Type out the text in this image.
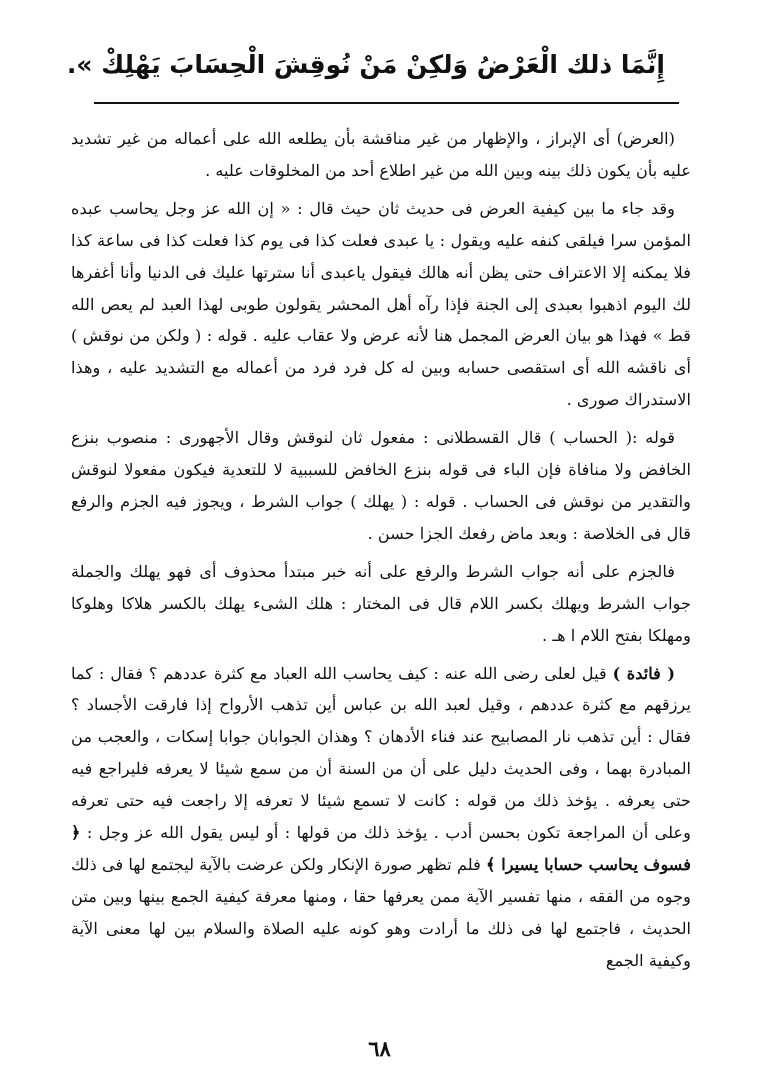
إِنَّمَا ذلك الْعَرْضُ وَلكِنْ مَنْ نُوقِشَ الْحِسَابَ يَهْلِكْ ».

(العرض) أى الإبراز ، والإظهار من غير مناقشة بأن يطلعه الله على أعماله من غير تشديد عليه بأن يكون ذلك بينه وبين الله من غير اطلاع أحد من المخلوقات عليه .

وقد جاء ما بين كيفية العرض فى حديث ثان حيث قال : « إن الله عز وجل يحاسب عبده المؤمن سرا فيلقى كنفه عليه ويقول : يا عبدى فعلت كذا فى يوم كذا فعلت كذا فى ساعة كذا فلا يمكنه إلا الاعتراف حتى يظن أنه هالك فيقول ياعبدى أنا سترتها عليك فى الدنيا وأنا أغفرها لك اليوم اذهبوا بعبدى إلى الجنة فإذا رآه أهل المحشر يقولون طوبى لهذا العبد لم يعص الله قط » فهذا هو بيان العرض المجمل هنا لأنه عرض ولا عقاب عليه . قوله : ( ولكن من نوقش ) أى ناقشه الله أى استقصى حسابه وبين له كل فرد فرد من أعماله مع التشديد عليه ، وهذا الاستدراك صورى .

قوله :( الحساب ) قال القسطلانى : مفعول ثان لنوقش وقال الأجهورى : منصوب بنزع الخافض ولا منافاة فإن الباء فى قوله بنزع الخافض للسببية لا للتعدية فيكون مفعولا لنوقش والتقدير من نوقش فى الحساب . قوله : ( يهلك ) جواب الشرط ، ويجوز فيه الجزم والرفع قال فى الخلاصة : وبعد ماض رفعك الجزا حسن .

فالجزم على أنه جواب الشرط والرفع على أنه خبر مبتدأ محذوف أى فهو يهلك والجملة جواب الشرط ويهلك بكسر اللام قال فى المختار : هلك الشىء يهلك بالكسر هلاكا وهلوكا ومهلكا بفتح اللام ا هـ .

( فائدة ) قيل لعلى رضى الله عنه : كيف يحاسب الله العباد مع كثرة عددهم ؟ فقال : كما يرزقهم مع كثرة عددهم ، وقيل لعبد الله بن عباس أين تذهب الأرواح إذا فارقت الأجساد ؟ فقال : أين تذهب نار المصابيح عند فناء الأدهان ؟ وهذان الجوابان جوابا إسكات ، والعجب من المبادرة بهما ، وفى الحديث دليل على أن من السنة أن من سمع شيئا لا يعرفه فليراجع فيه حتى يعرفه . يؤخذ ذلك من قوله : كانت لا تسمع شيئا لا تعرفه إلا راجعت فيه حتى تعرفه وعلى أن المراجعة تكون بحسن أدب . يؤخذ ذلك من قولها : أو ليس يقول الله عز وجل : ﴿ فسوف يحاسب حسابا يسيرا ﴾ فلم تظهر صورة الإنكار ولكن عرضت بالآية ليجتمع لها فى ذلك وجوه من الفقه ، منها تفسير الآية ممن يعرفها حقا ، ومنها معرفة كيفية الجمع بينها وبين متن الحديث ، فاجتمع لها فى ذلك ما أرادت وهو كونه عليه الصلاة والسلام بين لها معنى الآية وكيفية الجمع

٦٨
